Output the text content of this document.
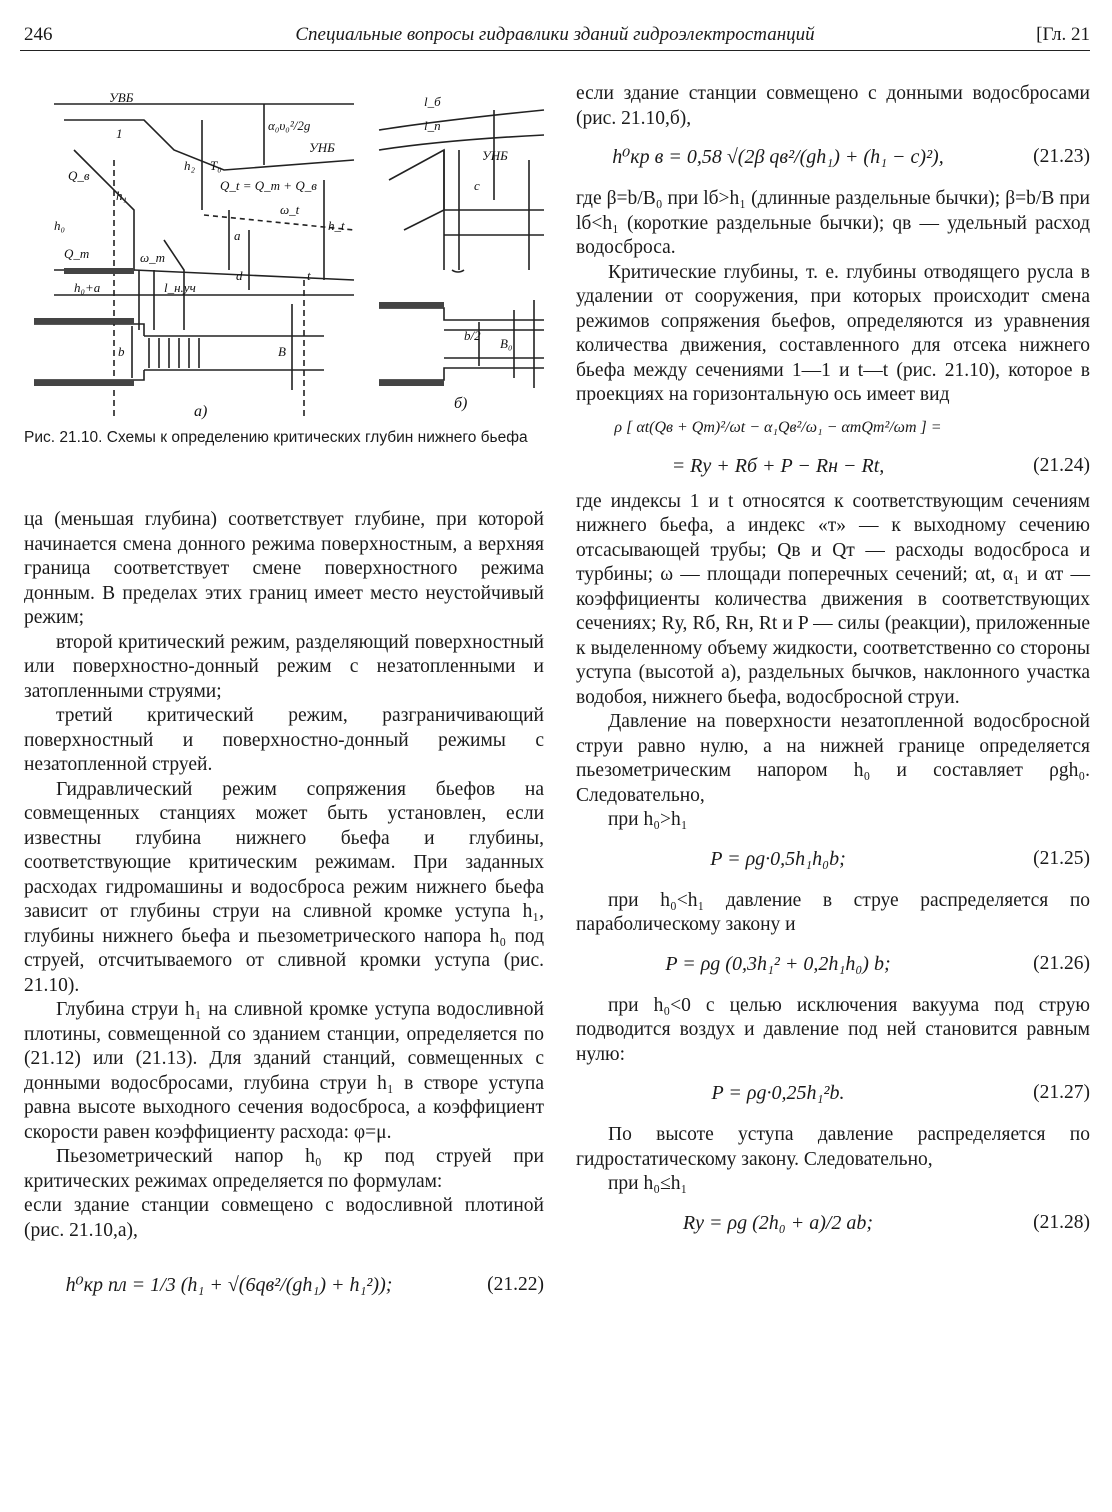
246	Специальные вопросы гидравлики зданий гидроэлектростанций	[Гл. 21
УВБ
УНБ
УНБ
1
t
h₁
h₂ T₀
α₀υ₀²/2g
Q_в
Q_т
Q_t = Q_т + Q_в
ω_t
ω_т
h₀	h_t
a
d
h₀+a	l_н.уч
b	B
B₀
b/2
l_б
l_п
c
а)	б)
Рис. 21.10. Схемы к определению критических глубин нижнего бьефа

ца (меньшая глубина) соответствует глубине, при которой начинается смена донного режима поверхностным, а верхняя граница соответствует смене поверхностного режима донным. В пределах этих границ имеет место неустойчивый режим;

второй критический режим, разделяющий поверхностный или поверхностно-донный режим с незатопленными и затопленными струями;

третий критический режим, разграничивающий поверхностный и поверхностно-донный режимы с незатопленной струей.

Гидравлический режим сопряжения бьефов на совмещенных станциях может быть установлен, если известны глубина нижнего бьефа и глубины, соответствующие критическим режимам. При заданных расходах гидромашины и водосброса режим нижнего бьефа зависит от глубины струи на сливной кромке уступа h₁, глубины нижнего бьефа и пьезометрического напора h₀ под струей, отсчитываемого от сливной кромки уступа (рис. 21.10).

Глубина струи h₁ на сливной кромке уступа водосливной плотины, совмещенной со зданием станции, определяется по (21.12) или (21.13). Для зданий станций, совмещенных с донными водосбросами, глубина струи h₁ в створе уступа равна высоте выходного сечения водосброса, а коэффициент скорости равен коэффициенту расхода: φ=μ.

Пьезометрический напор h₀ кр под струей при критических режимах определяется по формулам:

если здание станции совмещено с водосливной плотиной (рис. 21.10,а),

h⁰кр пл = 1/3 (h₁ + √(6qв²/(gh₁) + h₁²));	(21.22)

если здание станции совмещено с донными водосбросами (рис. 21.10,б),

h⁰кр в = 0,58 √(2β qв²/(gh₁) + (h₁ − c)²),	(21.23)

где β=b/B₀ при lб>h₁ (длинные раздельные бычки); β=b/B при lб<h₁ (короткие раздельные бычки); qв — удельный расход водосброса.

Критические глубины, т. е. глубины отводящего русла в удалении от сооружения, при которых происходит смена режимов сопряжения бьефов, определяются из уравнения количества движения, составленного для отсека нижнего бьефа между сечениями 1—1 и t—t (рис. 21.10), которое в проекциях на горизонтальную ось имеет вид

ρ [ αt(Qв + Qт)²/ωt − α₁Qв²/ω₁ − αтQт²/ωт ] =
= Rу + Rб + P − Rн − Rt,	(21.24)

где индексы 1 и t относятся к соответствующим сечениям нижнего бьефа, а индекс «т» — к выходному сечению отсасывающей трубы; Qв и Qт — расходы водосброса и турбины; ω — площади поперечных сечений; αt, α₁ и αт — коэффициенты количества движения в соответствующих сечениях; Rу, Rб, Rн, Rt и P — силы (реакции), приложенные к выделенному объему жидкости, соответственно со стороны уступа (высотой a), раздельных бычков, наклонного участка водобоя, нижнего бьефа, водосбросной струи.

Давление на поверхности незатопленной водосбросной струи равно нулю, а на нижней границе определяется пьезометрическим напором h₀ и составляет ρgh₀. Следовательно,

при h₀>h₁

P = ρg·0,5h₁h₀b;	(21.25)

при h₀<h₁ давление в струе распределяется по параболическому закону и

P = ρg (0,3h₁² + 0,2h₁h₀) b;	(21.26)

при h₀<0 с целью исключения вакуума под струю подводится воздух и давление под ней становится равным нулю:

P = ρg·0,25h₁²b.	(21.27)

По высоте уступа давление распределяется по гидростатическому закону. Следовательно,

при h₀≤h₁

Rу = ρg (2h₀ + a)/2 ab;	(21.28)
